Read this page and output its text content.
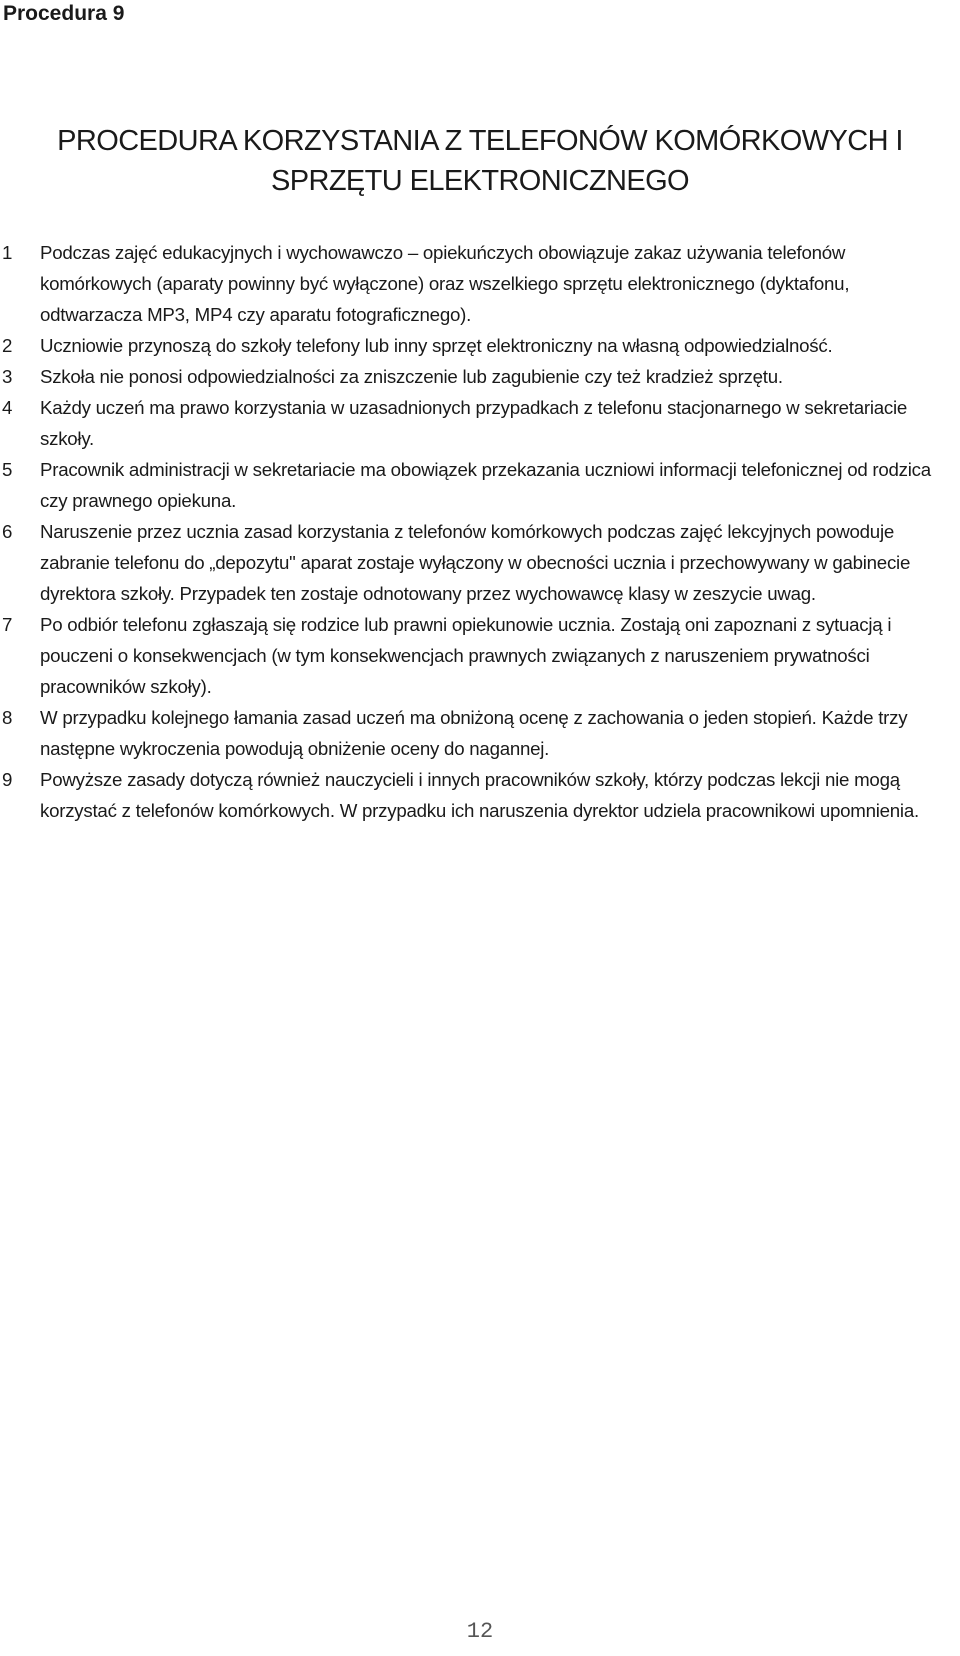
Procedura 9
PROCEDURA KORZYSTANIA Z TELEFONÓW KOMÓRKOWYCH I
SPRZĘTU ELEKTRONICZNEGO
1 Podczas zajęć edukacyjnych i wychowawczo – opiekuńczych obowiązuje zakaz używania telefonów komórkowych (aparaty powinny być wyłączone) oraz wszelkiego sprzętu elektronicznego (dyktafonu, odtwarzacza MP3, MP4 czy aparatu fotograficznego).
2 Uczniowie przynoszą do szkoły telefony lub inny sprzęt elektroniczny na własną odpowiedzialność.
3 Szkoła nie ponosi odpowiedzialności za zniszczenie lub zagubienie czy też kradzież sprzętu.
4 Każdy uczeń ma prawo korzystania w uzasadnionych przypadkach z telefonu stacjonarnego w sekretariacie szkoły.
5 Pracownik administracji w sekretariacie ma obowiązek przekazania uczniowi informacji telefonicznej od rodzica czy prawnego opiekuna.
6 Naruszenie przez ucznia zasad korzystania z telefonów komórkowych podczas zajęć lekcyjnych powoduje zabranie telefonu do „depozytu" aparat zostaje wyłączony w obecności ucznia i przechowywany w gabinecie dyrektora szkoły. Przypadek ten zostaje odnotowany przez wychowawcę klasy w zeszycie uwag.
7 Po odbiór telefonu zgłaszają się rodzice lub prawni opiekunowie ucznia. Zostają oni zapoznani z sytuacją i pouczeni o konsekwencjach (w tym konsekwencjach prawnych związanych z naruszeniem prywatności pracowników szkoły).
8 W przypadku kolejnego łamania zasad uczeń ma obniżoną ocenę z zachowania o jeden stopień. Każde trzy następne wykroczenia powodują obniżenie oceny do nagannej.
9 Powyższe zasady dotyczą również nauczycieli i innych pracowników szkoły, którzy podczas lekcji nie mogą korzystać z telefonów komórkowych. W przypadku ich naruszenia dyrektor udziela pracownikowi upomnienia.
12
